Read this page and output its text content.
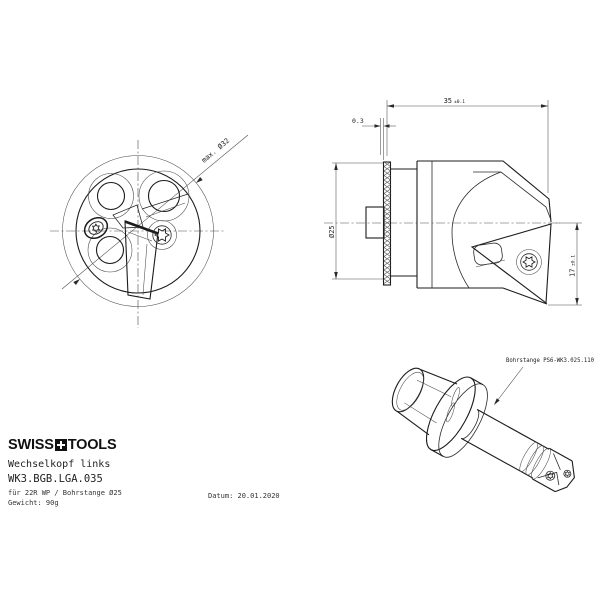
max. Ø32
35 ±0.1
0.3
Ø25
17
±0.1
Bohrstange PS6-WK3.025.110
SWISS TOOLS
Wechselkopf links
WK3.BGB.LGA.035
für 22R WP / Bohrstange Ø25
Gewicht: 90g
Datum: 20.01.2020
